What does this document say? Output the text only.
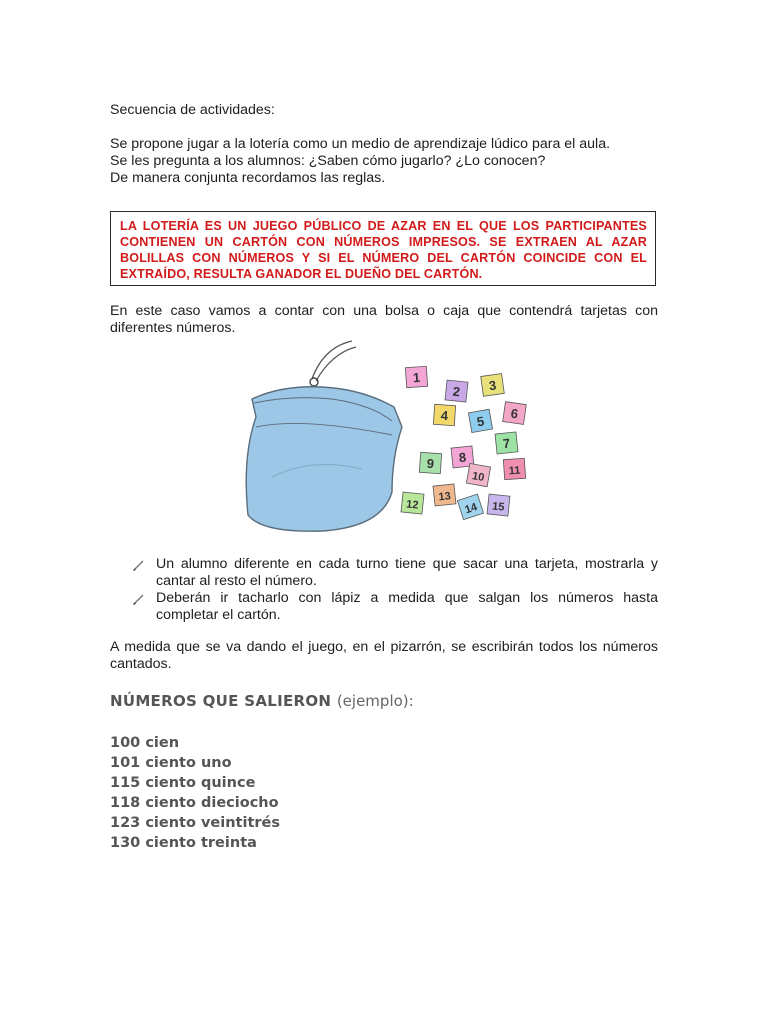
Secuencia de actividades:

Se propone jugar a la lotería como un medio de aprendizaje lúdico para el aula.

Se les pregunta a los alumnos: ¿Saben cómo jugarlo? ¿Lo conocen?

De manera conjunta recordamos las reglas.

LA LOTERÍA ES UN JUEGO PÚBLICO DE AZAR EN EL QUE LOS PARTICIPANTES CONTIENEN UN CARTÓN CON NÚMEROS IMPRESOS. SE EXTRAEN AL AZAR BOLILLAS CON NÚMEROS Y SI EL NÚMERO DEL CARTÓN COINCIDE CON EL EXTRAÍDO, RESULTA GANADOR EL DUEÑO DEL CARTÓN.

En este caso vamos a contar con una bolsa o caja que contendrá tarjetas con diferentes números.

1
2 3
4 5 6
7
8
9
10 11
12
13
14 15
Un alumno diferente en cada turno tiene que sacar una tarjeta, mostrarla y cantar al resto el número.
Deberán ir tacharlo con lápiz a medida que salgan los números hasta completar el cartón.

A medida que se va dando el juego, en el pizarrón, se escribirán todos los números cantados.

NÚMEROS QUE SALIERON (ejemplo):
100 cien
101 ciento uno
115 ciento quince
118 ciento dieciocho
123 ciento veintitrés
130 ciento treinta
